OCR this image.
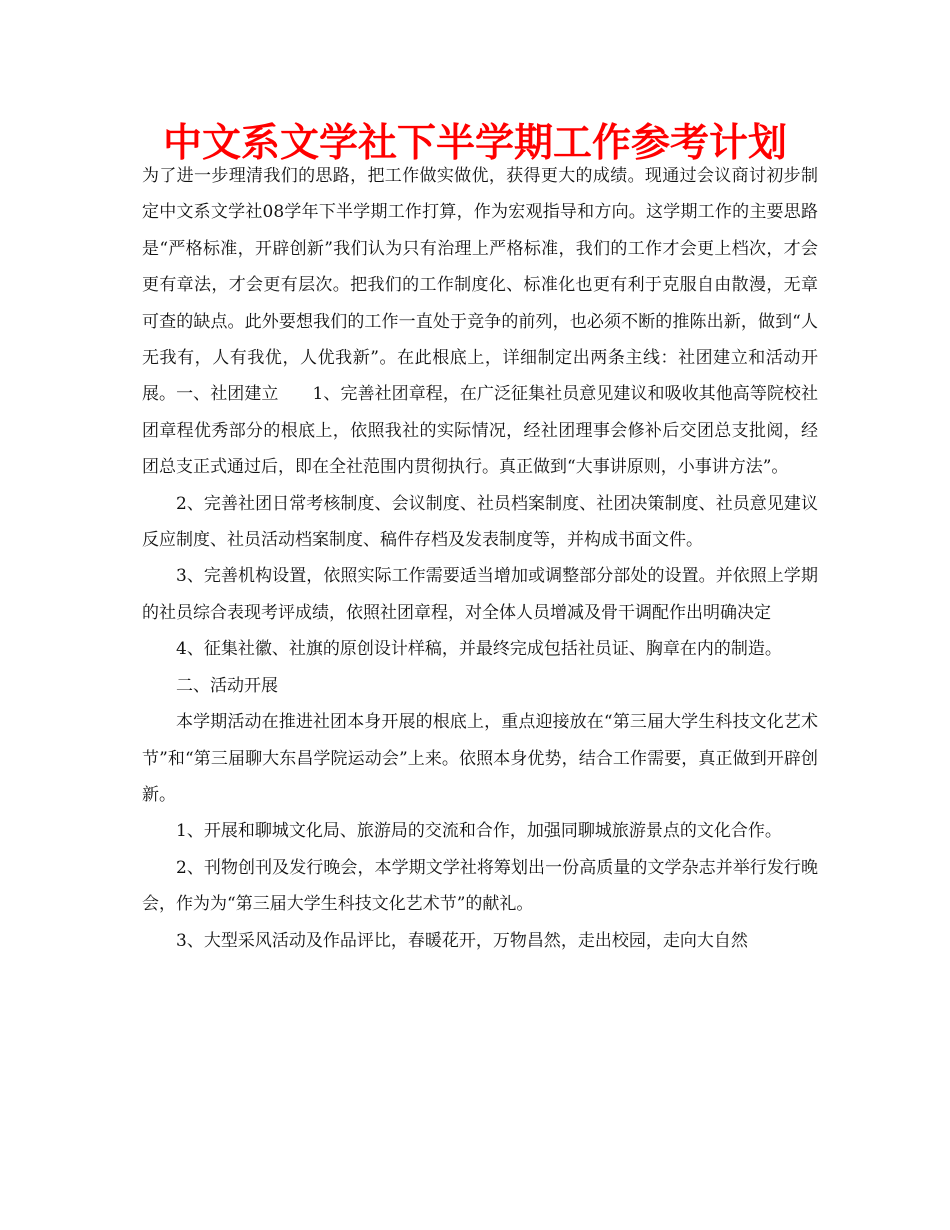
中文系文学社下半学期工作参考计划

为了进一步理清我们的思路，把工作做实做优，获得更大的成绩。现通过会议商讨初步制定中文系文学社08学年下半学期工作打算，作为宏观指导和方向。这学期工作的主要思路是“严格标准，开辟创新”我们认为只有治理上严格标准，我们的工作才会更上档次，才会更有章法，才会更有层次。把我们的工作制度化、标准化也更有利于克服自由散漫，无章可查的缺点。此外要想我们的工作一直处于竞争的前列，也必须不断的推陈出新，做到“人无我有，人有我优，人优我新”。在此根底上，详细制定出两条主线：社团建立和活动开展。一、社团建立　　1、完善社团章程，在广泛征集社员意见建议和吸收其他高等院校社团章程优秀部分的根底上，依照我社的实际情况，经社团理事会修补后交团总支批阅，经团总支正式通过后，即在全社范围内贯彻执行。真正做到“大事讲原则，小事讲方法”。

2、完善社团日常考核制度、会议制度、社员档案制度、社团决策制度、社员意见建议反应制度、社员活动档案制度、稿件存档及发表制度等，并构成书面文件。

3、完善机构设置，依照实际工作需要适当增加或调整部分部处的设置。并依照上学期的社员综合表现考评成绩，依照社团章程，对全体人员增减及骨干调配作出明确决定

4、征集社徽、社旗的原创设计样稿，并最终完成包括社员证、胸章在内的制造。

二、活动开展

本学期活动在推进社团本身开展的根底上，重点迎接放在“第三届大学生科技文化艺术节”和“第三届聊大东昌学院运动会”上来。依照本身优势，结合工作需要，真正做到开辟创新。

1、开展和聊城文化局、旅游局的交流和合作，加强同聊城旅游景点的文化合作。

2、刊物创刊及发行晚会，本学期文学社将筹划出一份高质量的文学杂志并举行发行晚会，作为为“第三届大学生科技文化艺术节”的献礼。

3、大型采风活动及作品评比，春暖花开，万物昌然，走出校园，走向大自然
